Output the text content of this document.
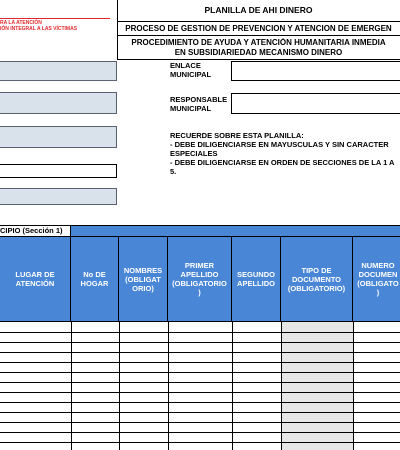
RA LA ATENCIÓN
IÓN INTEGRAL A LAS VÍCTIMAS
PLANILLA DE AHI DINERO
PROCESO DE GESTION DE PREVENCION Y ATENCION DE EMERGEN
PROCEDIMIENTO DE AYUDA Y ATENCIÓN HUMANITARIA INMEDIA
EN SUBSIDIARIEDAD MECANISMO DINERO
ENLACE
MUNICIPAL
RESPONSABLE
MUNICIPAL
RECUERDE SOBRE ESTA PLANILLA:
- DEBE DILIGENCIARSE EN MAYUSCULAS Y SIN CARACTER
ESPECIALES
- DEBE DILIGENCIARSE EN ORDEN DE SECCIONES DE LA 1 A
5.
CIPIO (Sección 1)
LUGAR DE
ATENCIÓN
No DE
HOGAR
NOMBRES
(OBLIGAT
ORIO)
PRIMER
APELLIDO
(OBLIGATORIO
)
SEGUNDO
APELLIDO
TIPO DE
DOCUMENTO
(OBLIGATORIO)
NUMERO
DOCUMEN
(OBLIGATO
)
